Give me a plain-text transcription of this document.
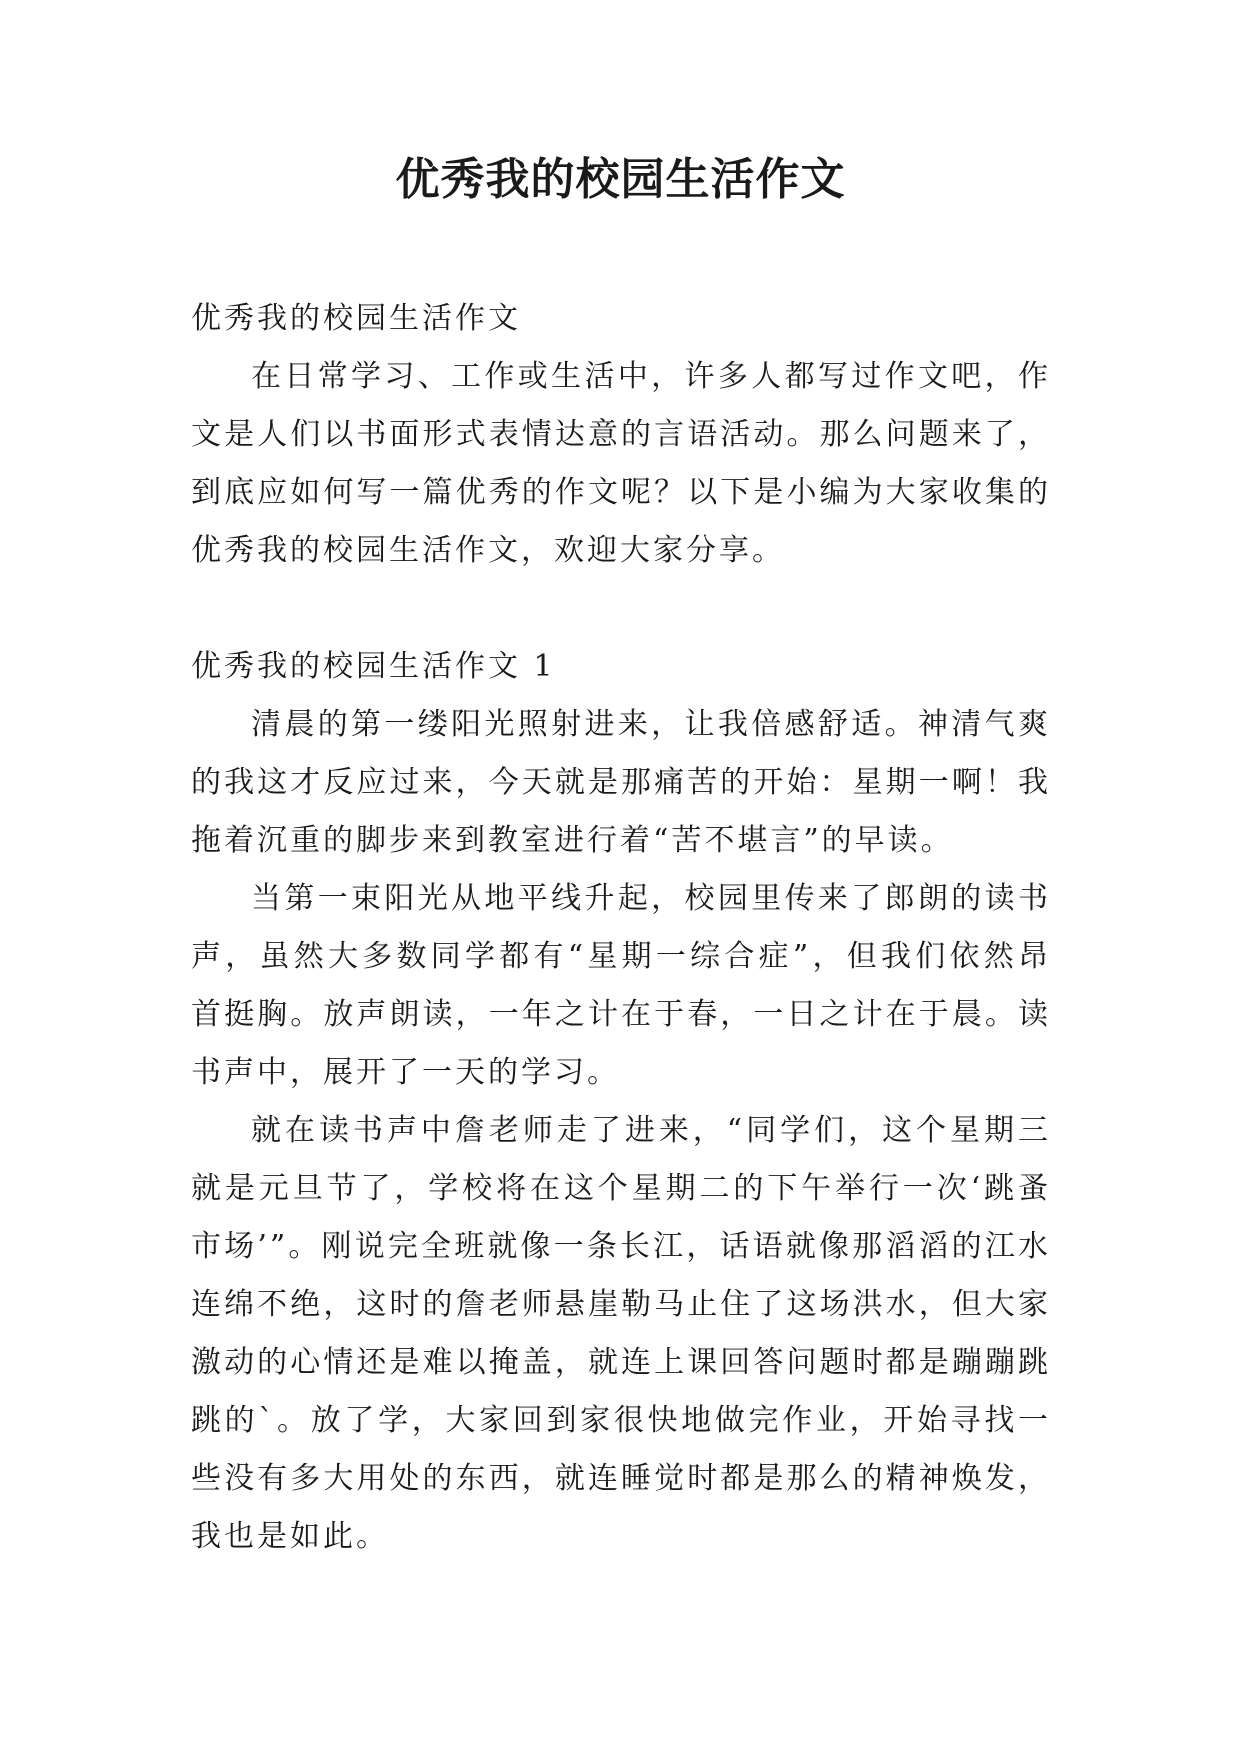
优秀我的校园生活作文

优秀我的校园生活作文

在日常学习、工作或生活中，许多人都写过作文吧，作文是人们以书面形式表情达意的言语活动。那么问题来了，到底应如何写一篇优秀的作文呢？以下是小编为大家收集的优秀我的校园生活作文，欢迎大家分享。

优秀我的校园生活作文 1

清晨的第一缕阳光照射进来，让我倍感舒适。神清气爽的我这才反应过来，今天就是那痛苦的开始：星期一啊！我拖着沉重的脚步来到教室进行着“苦不堪言”的早读。

当第一束阳光从地平线升起，校园里传来了郎朗的读书声，虽然大多数同学都有“星期一综合症”，但我们依然昂首挺胸。放声朗读，一年之计在于春，一日之计在于晨。读书声中，展开了一天的学习。

就在读书声中詹老师走了进来，“同学们，这个星期三就是元旦节了，学校将在这个星期二的下午举行一次‘跳蚤市场’”。刚说完全班就像一条长江，话语就像那滔滔的江水连绵不绝，这时的詹老师悬崖勒马止住了这场洪水，但大家激动的心情还是难以掩盖，就连上课回答问题时都是蹦蹦跳跳的`。放了学，大家回到家很快地做完作业，开始寻找一些没有多大用处的东西，就连睡觉时都是那么的精神焕发，我也是如此。
